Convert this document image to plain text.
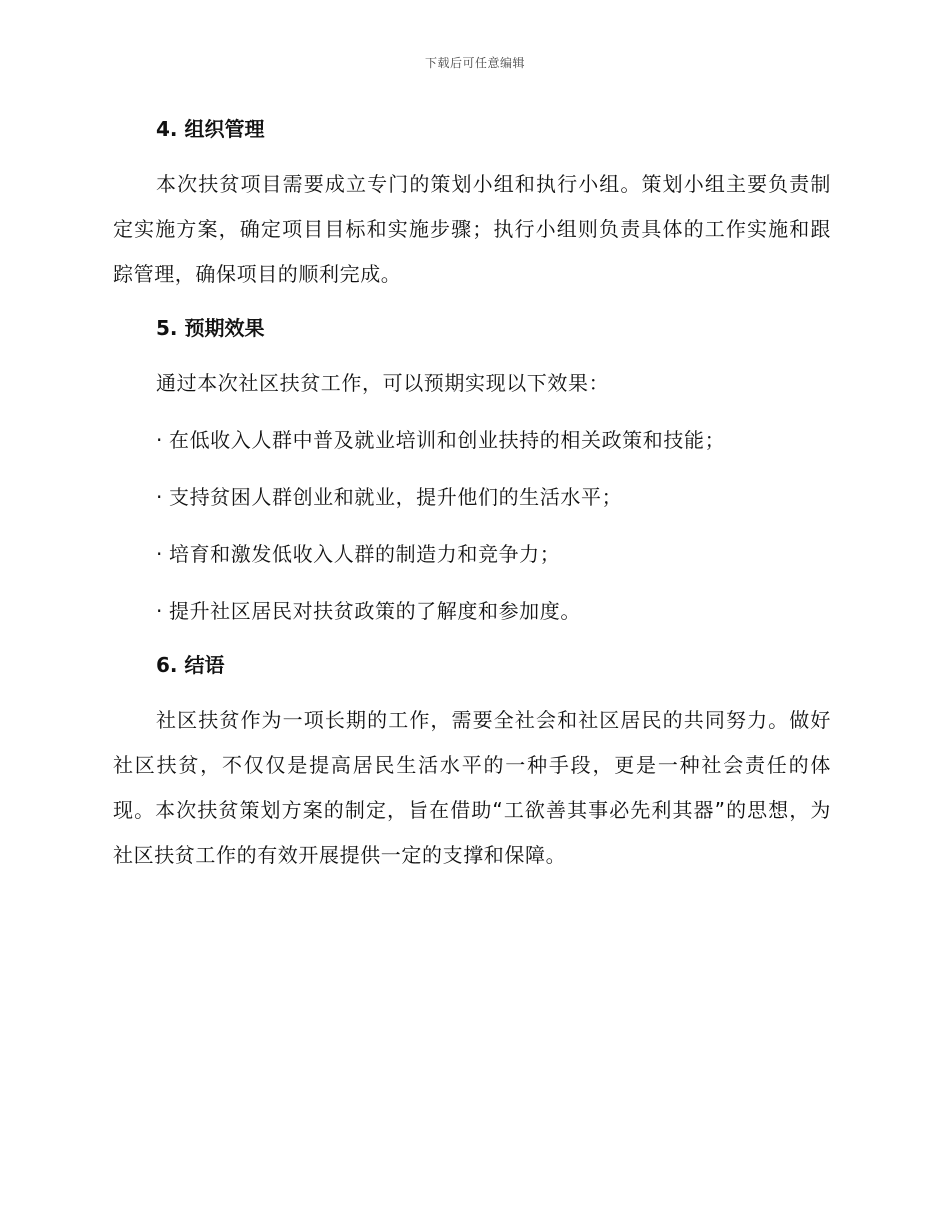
下载后可任意编辑
4. 组织管理

本次扶贫项目需要成立专门的策划小组和执行小组。策划小组主要负责制定实施方案，确定项目目标和实施步骤；执行小组则负责具体的工作实施和跟踪管理，确保项目的顺利完成。

5. 预期效果

通过本次社区扶贫工作，可以预期实现以下效果：

· 在低收入人群中普及就业培训和创业扶持的相关政策和技能；

· 支持贫困人群创业和就业，提升他们的生活水平；

· 培育和激发低收入人群的制造力和竞争力；

· 提升社区居民对扶贫政策的了解度和参加度。

6. 结语

社区扶贫作为一项长期的工作，需要全社会和社区居民的共同努力。做好社区扶贫，不仅仅是提高居民生活水平的一种手段，更是一种社会责任的体现。本次扶贫策划方案的制定，旨在借助“工欲善其事必先利其器”的思想，为社区扶贫工作的有效开展提供一定的支撑和保障。
